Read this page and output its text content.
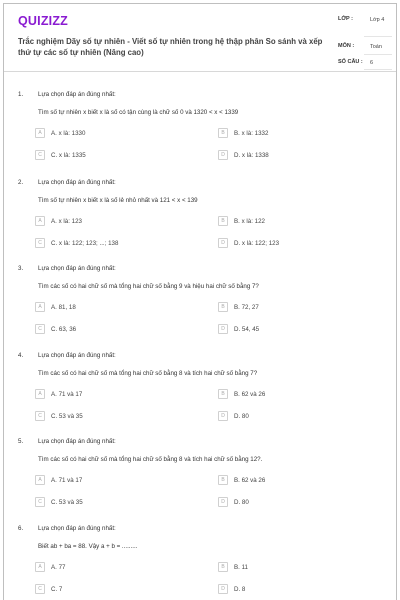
QUIZIZZ
Trắc nghiệm Dãy số tự nhiên - Viết số tự nhiên trong hệ thập phân So sánh và xếp thứ tự các số tự nhiên (Nâng cao)
LỚP :	Lớp 4
MÔN :	Toán
SỐ CÂU : 6
1. Lựa chọn đáp án đúng nhất:
Tìm số tự nhiên x biết x là số có tận cùng là chữ số 0 và 1320 < x < 1339
A	A. x là: 1330	B	B. x là: 1332
C	C. x là: 1335	D	D. x là: 1338
2. Lựa chọn đáp án đúng nhất:
Tìm số tự nhiên x biết x là số lẻ nhỏ nhất và 121 < x < 139
A	A. x là: 123	B	B. x là: 122
C	C. x là: 122; 123; ...; 138	D	D. x là: 122; 123
3. Lựa chọn đáp án đúng nhất:
Tìm các số có hai chữ số mà tổng hai chữ số bằng 9 và hiệu hai chữ số bằng 7?
A	A. 81, 18	B	B. 72, 27
C	C. 63, 36	D	D. 54, 45
4. Lựa chọn đáp án đúng nhất:
Tìm các số có hai chữ số mà tổng hai chữ số bằng 8 và tích hai chữ số bằng 7?
A	A. 71 và 17	B	B. 62 và 26
C	C. 53 và 35	D	D. 80
5. Lựa chọn đáp án đúng nhất:
Tìm các số có hai chữ số mà tổng hai chữ số bằng 8 và tích hai chữ số bằng 12?.
A	A. 71 và 17	B	B. 62 và 26
C	C. 53 và 35	D	D. 80
6. Lựa chọn đáp án đúng nhất:
Biết ab + ba = 88. Vậy a + b = .........
A	A. 77	B	B. 11
C	C. 7	D	D. 8
